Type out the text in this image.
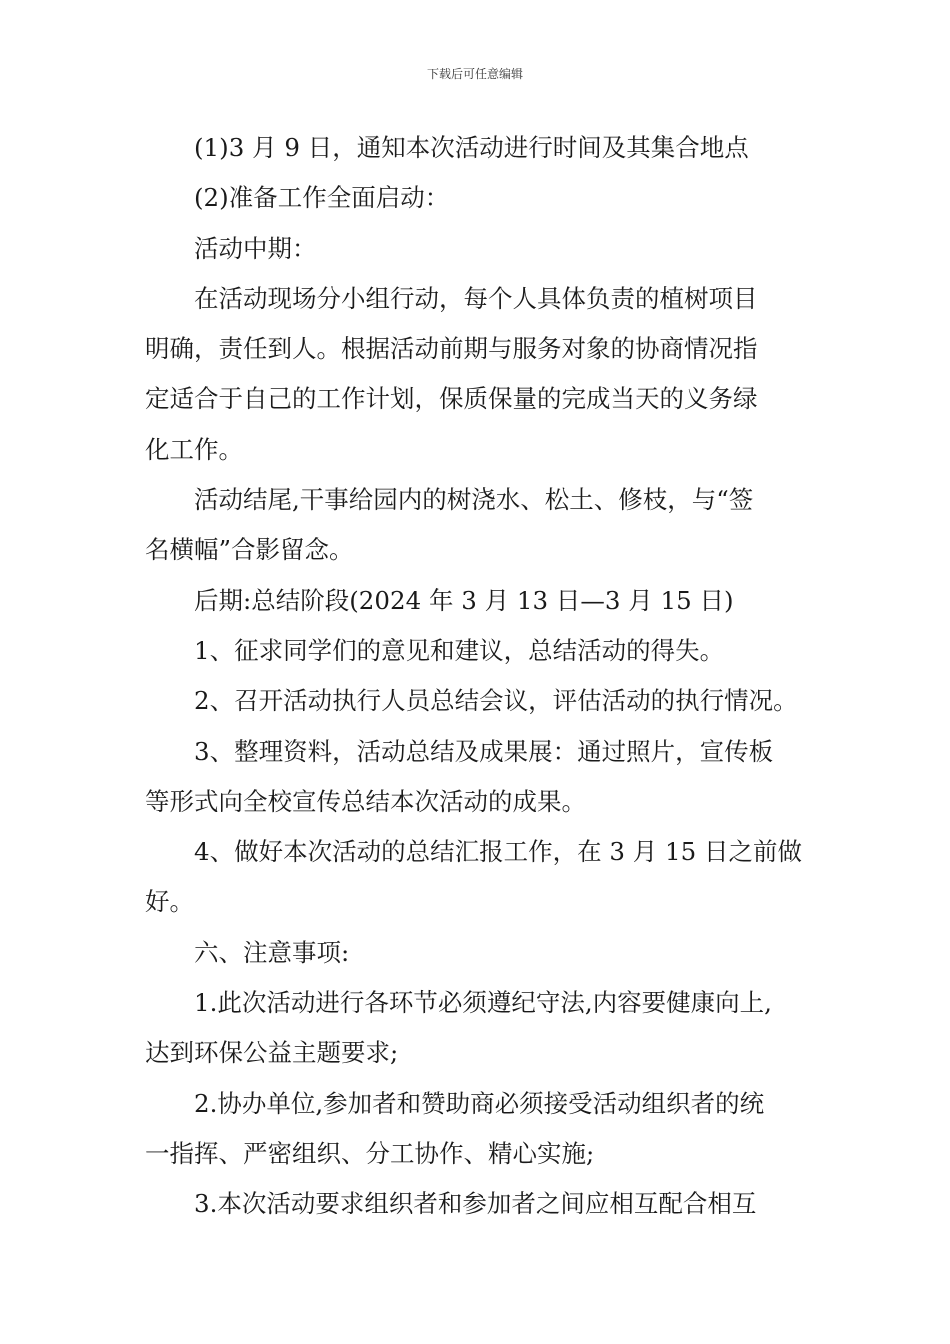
下载后可任意编辑
(1)3 月 9 日，通知本次活动进行时间及其集合地点
(2)准备工作全面启动：
活动中期：
在活动现场分小组行动，每个人具体负责的植树项目
明确，责任到人。根据活动前期与服务对象的协商情况指
定适合于自己的工作计划，保质保量的完成当天的义务绿
化工作。
活动结尾,干事给园内的树浇水、松土、修枝，与“签
名横幅”合影留念。
后期:总结阶段(2024 年 3 月 13 日—3 月 15 日)
1、征求同学们的意见和建议，总结活动的得失。
2、召开活动执行人员总结会议，评估活动的执行情况。
3、整理资料，活动总结及成果展：通过照片，宣传板
等形式向全校宣传总结本次活动的成果。
4、做好本次活动的总结汇报工作，在 3 月 15 日之前做
好。
六、注意事项:
1.此次活动进行各环节必须遵纪守法,内容要健康向上,
达到环保公益主题要求;
2.协办单位,参加者和赞助商必须接受活动组织者的统
一指挥、严密组织、分工协作、精心实施;
3.本次活动要求组织者和参加者之间应相互配合相互
